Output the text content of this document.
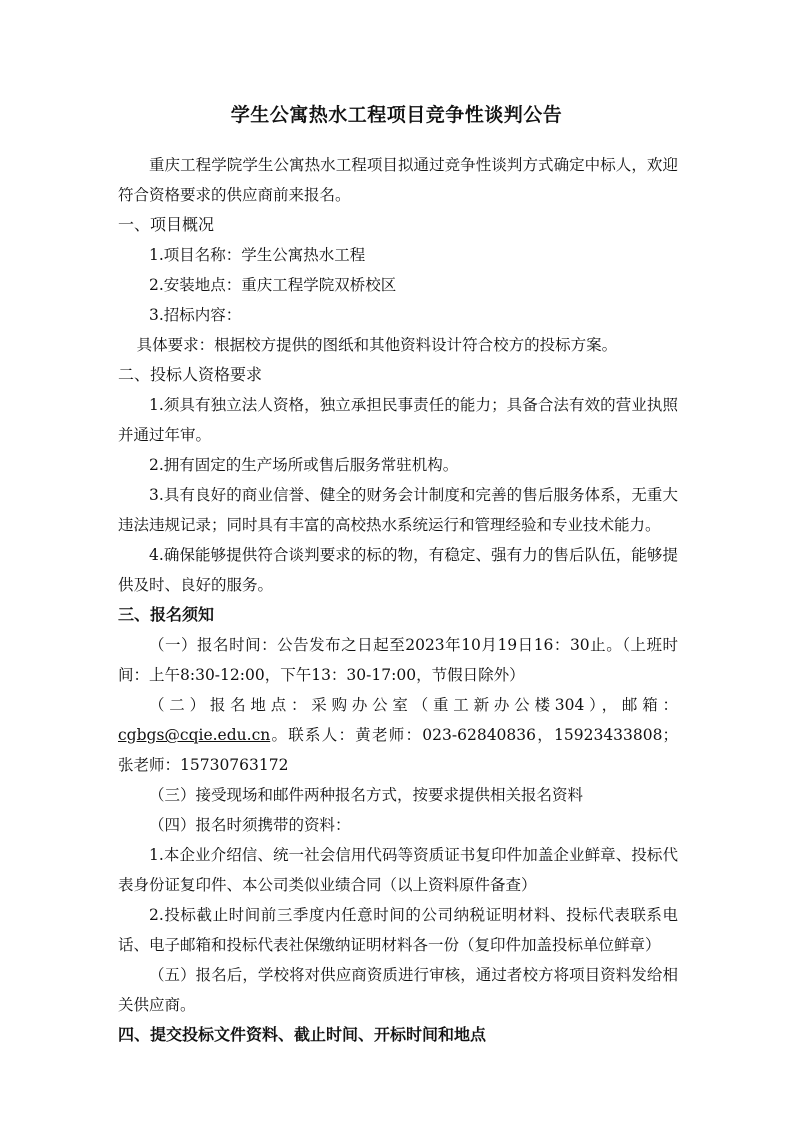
学生公寓热水工程项目竞争性谈判公告

重庆工程学院学生公寓热水工程项目拟通过竞争性谈判方式确定中标人，欢迎符合资格要求的供应商前来报名。

一、项目概况

1.项目名称：学生公寓热水工程

2.安装地点：重庆工程学院双桥校区

3.招标内容：

具体要求：根据校方提供的图纸和其他资料设计符合校方的投标方案。

二、投标人资格要求

1.须具有独立法人资格，独立承担民事责任的能力；具备合法有效的营业执照并通过年审。

2.拥有固定的生产场所或售后服务常驻机构。

3.具有良好的商业信誉、健全的财务会计制度和完善的售后服务体系，无重大违法违规记录；同时具有丰富的高校热水系统运行和管理经验和专业技术能力。

4.确保能够提供符合谈判要求的标的物，有稳定、强有力的售后队伍，能够提供及时、良好的服务。

三、报名须知

（一）报名时间：公告发布之日起至2023年10月19日16：30止。（上班时间：上午8:30-12:00，下午13：30-17:00，节假日除外）

（二）报名地点：采购办公室（重工新办公楼304），邮箱：cgbgs@cqie.edu.cn。联系人：黄老师：023-62840836，15923433808；张老师：15730763172

（三）接受现场和邮件两种报名方式，按要求提供相关报名资料

（四）报名时须携带的资料：

1.本企业介绍信、统一社会信用代码等资质证书复印件加盖企业鲜章、投标代表身份证复印件、本公司类似业绩合同（以上资料原件备查）

2.投标截止时间前三季度内任意时间的公司纳税证明材料、投标代表联系电话、电子邮箱和投标代表社保缴纳证明材料各一份（复印件加盖投标单位鲜章）

（五）报名后，学校将对供应商资质进行审核，通过者校方将项目资料发给相关供应商。

四、提交投标文件资料、截止时间、开标时间和地点
